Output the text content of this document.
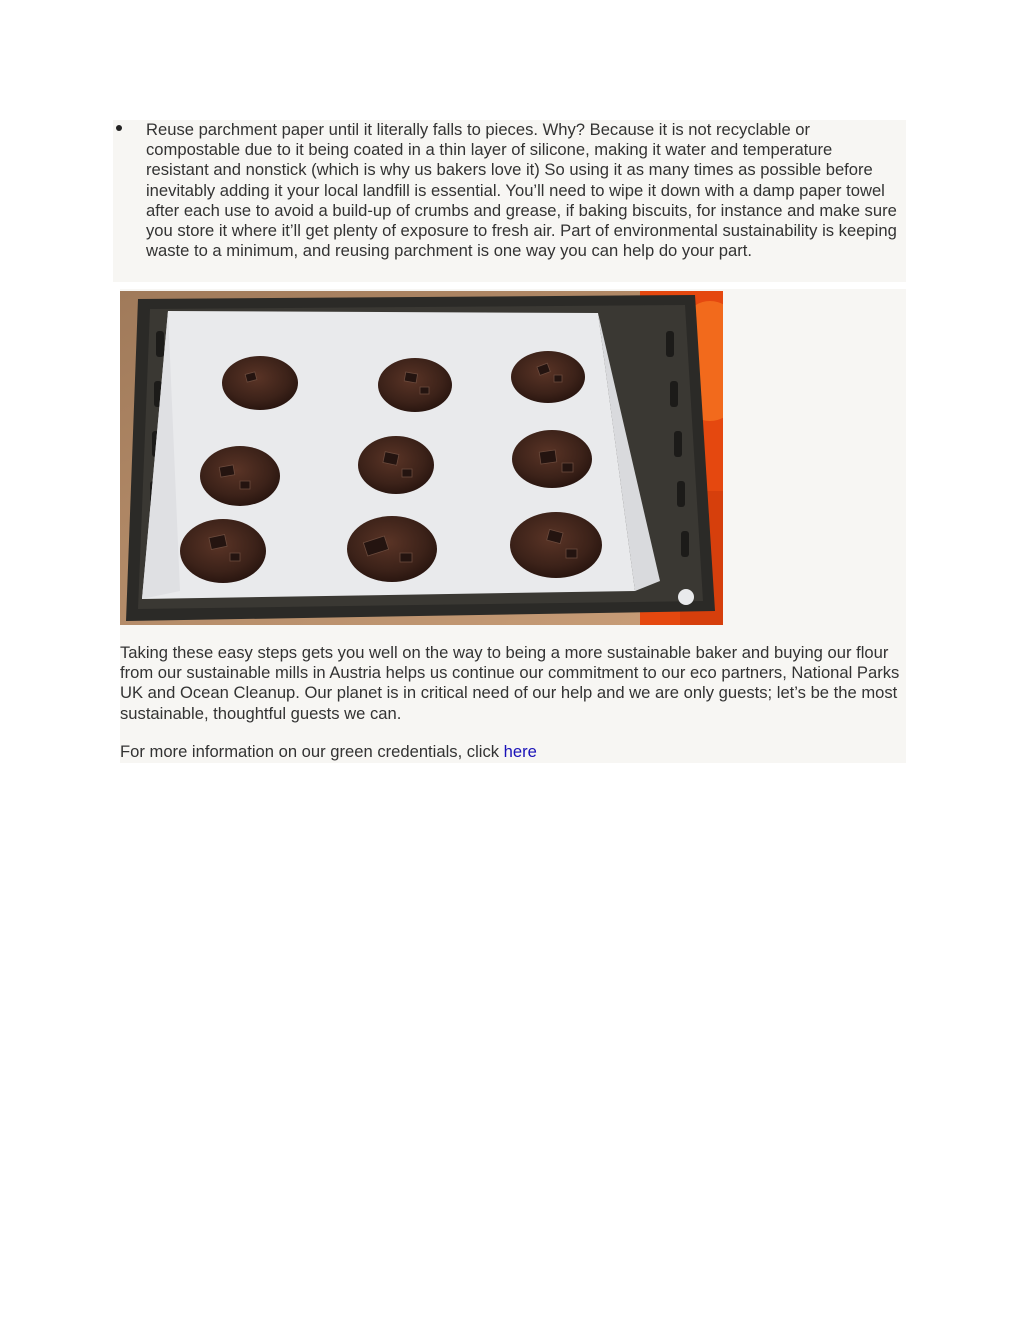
Reuse parchment paper until it literally falls to pieces. Why? Because it is not recyclable or compostable due to it being coated in a thin layer of silicone, making it water and temperature resistant and nonstick (which is why us bakers love it) So using it as many times as possible before inevitably adding it your local landfill is essential. You’ll need to wipe it down with a damp paper towel after each use to avoid a build-up of crumbs and grease, if baking biscuits, for instance and make sure you store it where it’ll get plenty of exposure to fresh air. Part of environmental sustainability is keeping waste to a minimum, and reusing parchment is one way you can help do your part.

Taking these easy steps gets you well on the way to being a more sustainable baker and buying our flour from our sustainable mills in Austria helps us continue our commitment to our eco partners, National Parks UK and Ocean Cleanup. Our planet is in critical need of our help and we are only guests; let’s be the most sustainable, thoughtful guests we can.

For more information on our green credentials, click here
